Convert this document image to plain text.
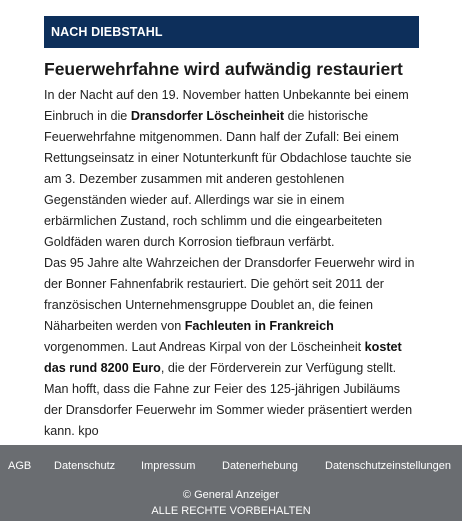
NACH DIEBSTAHL
Feuerwehrfahne wird aufwändig restauriert

In der Nacht auf den 19. November hatten Unbekannte bei einem Einbruch in die Dransdorfer Löscheinheit die historische Feuerwehrfahne mitgenommen. Dann half der Zufall: Bei einem Rettungseinsatz in einer Notunterkunft für Obdachlose tauchte sie am 3. Dezember zusammen mit anderen gestohlenen Gegenständen wieder auf. Allerdings war sie in einem erbärmlichen Zustand, roch schlimm und die eingearbeiteten Goldfäden waren durch Korrosion tiefbraun verfärbt.

Das 95 Jahre alte Wahrzeichen der Dransdorfer Feuerwehr wird in der Bonner Fahnenfabrik restauriert. Die gehört seit 2011 der französischen Unternehmensgruppe Doublet an, die feinen Näharbeiten werden von Fachleuten in Frankreich vorgenommen. Laut Andreas Kirpal von der Löscheinheit kostet das rund 8200 Euro, die der Förderverein zur Verfügung stellt. Man hofft, dass die Fahne zur Feier des 125-jährigen Jubiläums der Dransdorfer Feuerwehr im Sommer wieder präsentiert werden kann. kpo

AGB Datenschutz Impressum Datenerhebung Datenschutzeinstellungen
© General Anzeiger
ALLE RECHTE VORBEHALTEN
